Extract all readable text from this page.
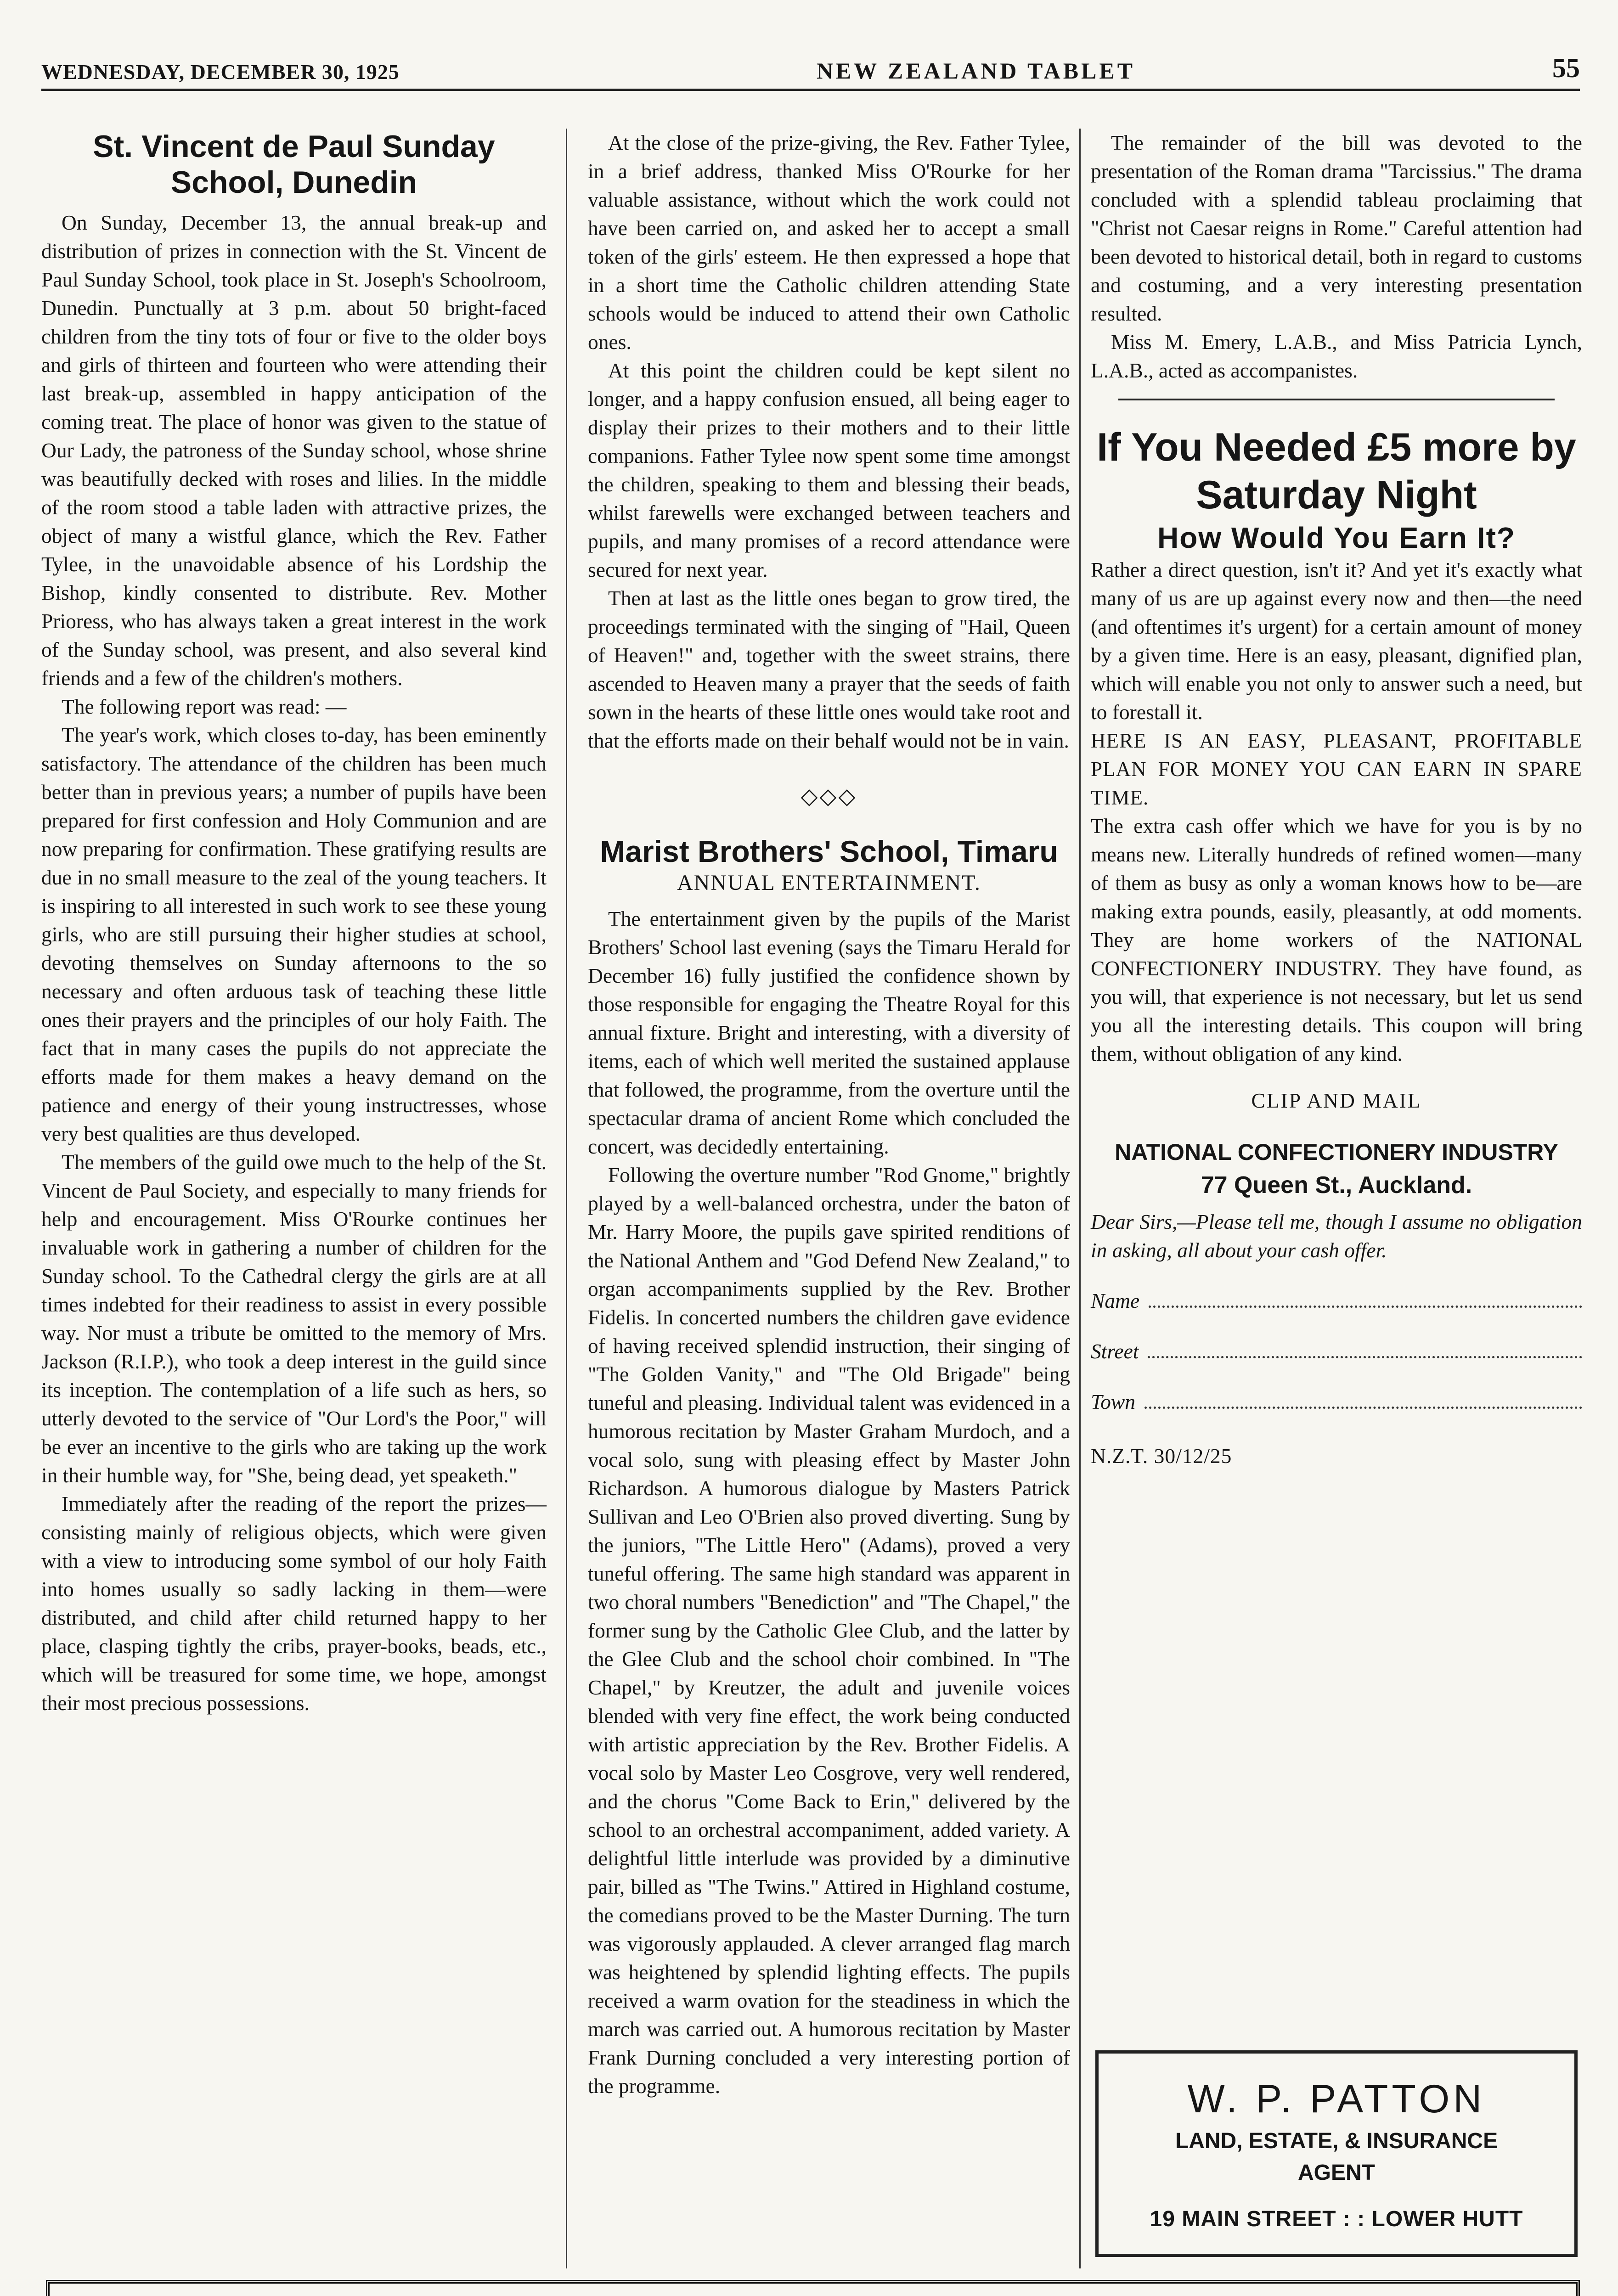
WEDNESDAY, DECEMBER 30, 1925	NEW ZEALAND TABLET	55
St. Vincent de Paul Sunday School, Dunedin

On Sunday, December 13, the annual break-up and distribution of prizes in connection with the St. Vincent de Paul Sunday School, took place in St. Joseph's Schoolroom, Dunedin. Punctually at 3 p.m. about 50 bright-faced children from the tiny tots of four or five to the older boys and girls of thirteen and fourteen who were attending their last break-up, assembled in happy anticipation of the coming treat. The place of honor was given to the statue of Our Lady, the patroness of the Sunday school, whose shrine was beautifully decked with roses and lilies. In the middle of the room stood a table laden with attractive prizes, the object of many a wistful glance, which the Rev. Father Tylee, in the unavoidable absence of his Lordship the Bishop, kindly consented to distribute. Rev. Mother Prioress, who has always taken a great interest in the work of the Sunday school, was present, and also several kind friends and a few of the children's mothers.

The following report was read: —

The year's work, which closes to-day, has been eminently satisfactory. The attendance of the children has been much better than in previous years; a number of pupils have been prepared for first confession and Holy Communion and are now preparing for confirmation. These gratifying results are due in no small measure to the zeal of the young teachers. It is inspiring to all interested in such work to see these young girls, who are still pursuing their higher studies at school, devoting themselves on Sunday afternoons to the so necessary and often arduous task of teaching these little ones their prayers and the principles of our holy Faith. The fact that in many cases the pupils do not appreciate the efforts made for them makes a heavy demand on the patience and energy of their young instructresses, whose very best qualities are thus developed.

The members of the guild owe much to the help of the St. Vincent de Paul Society, and especially to many friends for help and encouragement. Miss O'Rourke continues her invaluable work in gathering a number of children for the Sunday school. To the Cathedral clergy the girls are at all times indebted for their readiness to assist in every possible way. Nor must a tribute be omitted to the memory of Mrs. Jackson (R.I.P.), who took a deep interest in the guild since its inception. The contemplation of a life such as hers, so utterly devoted to the service of "Our Lord's the Poor," will be ever an incentive to the girls who are taking up the work in their humble way, for "She, being dead, yet speaketh."

Immediately after the reading of the report the prizes—consisting mainly of religious objects, which were given with a view to introducing some symbol of our holy Faith into homes usually so sadly lacking in them—were distributed, and child after child returned happy to her place, clasping tightly the cribs, prayer-books, beads, etc., which will be treasured for some time, we hope, amongst their most precious possessions.

At the close of the prize-giving, the Rev. Father Tylee, in a brief address, thanked Miss O'Rourke for her valuable assistance, without which the work could not have been carried on, and asked her to accept a small token of the girls' esteem. He then expressed a hope that in a short time the Catholic children attending State schools would be induced to attend their own Catholic ones.

At this point the children could be kept silent no longer, and a happy confusion ensued, all being eager to display their prizes to their mothers and to their little companions. Father Tylee now spent some time amongst the children, speaking to them and blessing their beads, whilst farewells were exchanged between teachers and pupils, and many promises of a record attendance were secured for next year.

Then at last as the little ones began to grow tired, the proceedings terminated with the singing of "Hail, Queen of Heaven!" and, together with the sweet strains, there ascended to Heaven many a prayer that the seeds of faith sown in the hearts of these little ones would take root and that the efforts made on their behalf would not be in vain.

◇◇◇
Marist Brothers' School, Timaru
ANNUAL ENTERTAINMENT.

The entertainment given by the pupils of the Marist Brothers' School last evening (says the Timaru Herald for December 16) fully justified the confidence shown by those responsible for engaging the Theatre Royal for this annual fixture. Bright and interesting, with a diversity of items, each of which well merited the sustained applause that followed, the programme, from the overture until the spectacular drama of ancient Rome which concluded the concert, was decidedly entertaining.

Following the overture number "Rod Gnome," brightly played by a well-balanced orchestra, under the baton of Mr. Harry Moore, the pupils gave spirited renditions of the National Anthem and "God Defend New Zealand," to organ accompaniments supplied by the Rev. Brother Fidelis. In concerted numbers the children gave evidence of having received splendid instruction, their singing of "The Golden Vanity," and "The Old Brigade" being tuneful and pleasing. Individual talent was evidenced in a humorous recitation by Master Graham Murdoch, and a vocal solo, sung with pleasing effect by Master John Richardson. A humorous dialogue by Masters Patrick Sullivan and Leo O'Brien also proved diverting. Sung by the juniors, "The Little Hero" (Adams), proved a very tuneful offering. The same high standard was apparent in two choral numbers "Benediction" and "The Chapel," the former sung by the Catholic Glee Club, and the latter by the Glee Club and the school choir combined. In "The Chapel," by Kreutzer, the adult and juvenile voices blended with very fine effect, the work being conducted with artistic appreciation by the Rev. Brother Fidelis. A vocal solo by Master Leo Cosgrove, very well rendered, and the chorus "Come Back to Erin," delivered by the school to an orchestral accompaniment, added variety. A delightful little interlude was provided by a diminutive pair, billed as "The Twins." Attired in Highland costume, the comedians proved to be the Master Durning. The turn was vigorously applauded. A clever arranged flag march was heightened by splendid lighting effects. The pupils received a warm ovation for the steadiness in which the march was carried out. A humorous recitation by Master Frank Durning concluded a very interesting portion of the programme.

The remainder of the bill was devoted to the presentation of the Roman drama "Tarcissius." The drama concluded with a splendid tableau proclaiming that "Christ not Caesar reigns in Rome." Careful attention had been devoted to historical detail, both in regard to customs and costuming, and a very interesting presentation resulted.

Miss M. Emery, L.A.B., and Miss Patricia Lynch, L.A.B., acted as accompanistes.

If You Needed £5 more by Saturday Night
How Would You Earn It?
Rather a direct question, isn't it? And yet it's exactly what many of us are up against every now and then—the need (and oftentimes it's urgent) for a certain amount of money by a given time. Here is an easy, pleasant, dignified plan, which will enable you not only to answer such a need, but to forestall it.
HERE IS AN EASY, PLEASANT, PROFITABLE PLAN FOR MONEY YOU CAN EARN IN SPARE TIME.
The extra cash offer which we have for you is by no means new. Literally hundreds of refined women—many of them as busy as only a woman knows how to be—are making extra pounds, easily, pleasantly, at odd moments. They are home workers of the NATIONAL CONFECTIONERY INDUSTRY. They have found, as you will, that experience is not necessary, but let us send you all the interesting details. This coupon will bring them, without obligation of any kind.
CLIP AND MAIL
NATIONAL CONFECTIONERY INDUSTRY
77 Queen St., Auckland.
Dear Sirs,—Please tell me, though I assume no obligation in asking, all about your cash offer.
Name
Street
Town
N.Z.T. 30/12/25
W. P. PATTON
LAND, ESTATE, & INSURANCE
AGENT
19 MAIN STREET : : LOWER HUTT
